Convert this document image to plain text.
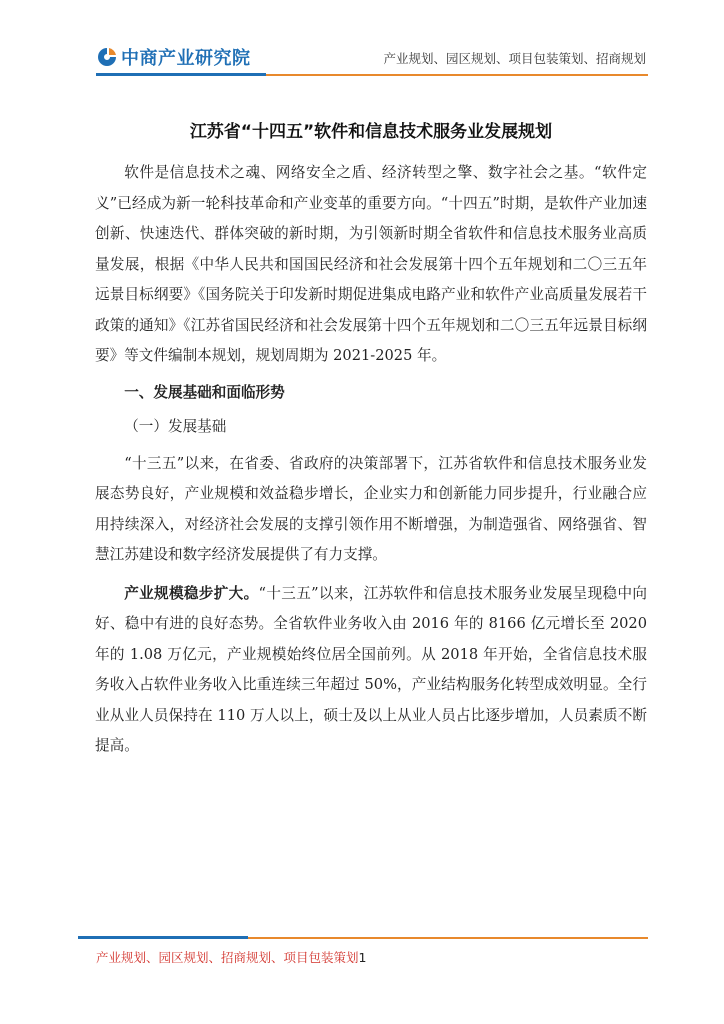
中商产业研究院	产业规划、园区规划、项目包装策划、招商规划
江苏省“十四五”软件和信息技术服务业发展规划

软件是信息技术之魂、网络安全之盾、经济转型之擎、数字社会之基。“软件定义”已经成为新一轮科技革命和产业变革的重要方向。“十四五”时期，是软件产业加速创新、快速迭代、群体突破的新时期，为引领新时期全省软件和信息技术服务业高质量发展，根据《中华人民共和国国民经济和社会发展第十四个五年规划和二〇三五年远景目标纲要》《国务院关于印发新时期促进集成电路产业和软件产业高质量发展若干政策的通知》《江苏省国民经济和社会发展第十四个五年规划和二〇三五年远景目标纲要》等文件编制本规划，规划周期为 2021-2025 年。

一、发展基础和面临形势
（一）发展基础

“十三五”以来，在省委、省政府的决策部署下，江苏省软件和信息技术服务业发展态势良好，产业规模和效益稳步增长，企业实力和创新能力同步提升，行业融合应用持续深入，对经济社会发展的支撑引领作用不断增强，为制造强省、网络强省、智慧江苏建设和数字经济发展提供了有力支撑。

产业规模稳步扩大。“十三五”以来，江苏软件和信息技术服务业发展呈现稳中向好、稳中有进的良好态势。全省软件业务收入由 2016 年的 8166 亿元增长至 2020 年的 1.08 万亿元，产业规模始终位居全国前列。从 2018 年开始，全省信息技术服务收入占软件业务收入比重连续三年超过 50%，产业结构服务化转型成效明显。全行业从业人员保持在 110 万人以上，硕士及以上从业人员占比逐步增加，人员素质不断提高。

产业规划、园区规划、招商规划、项目包装策划1
